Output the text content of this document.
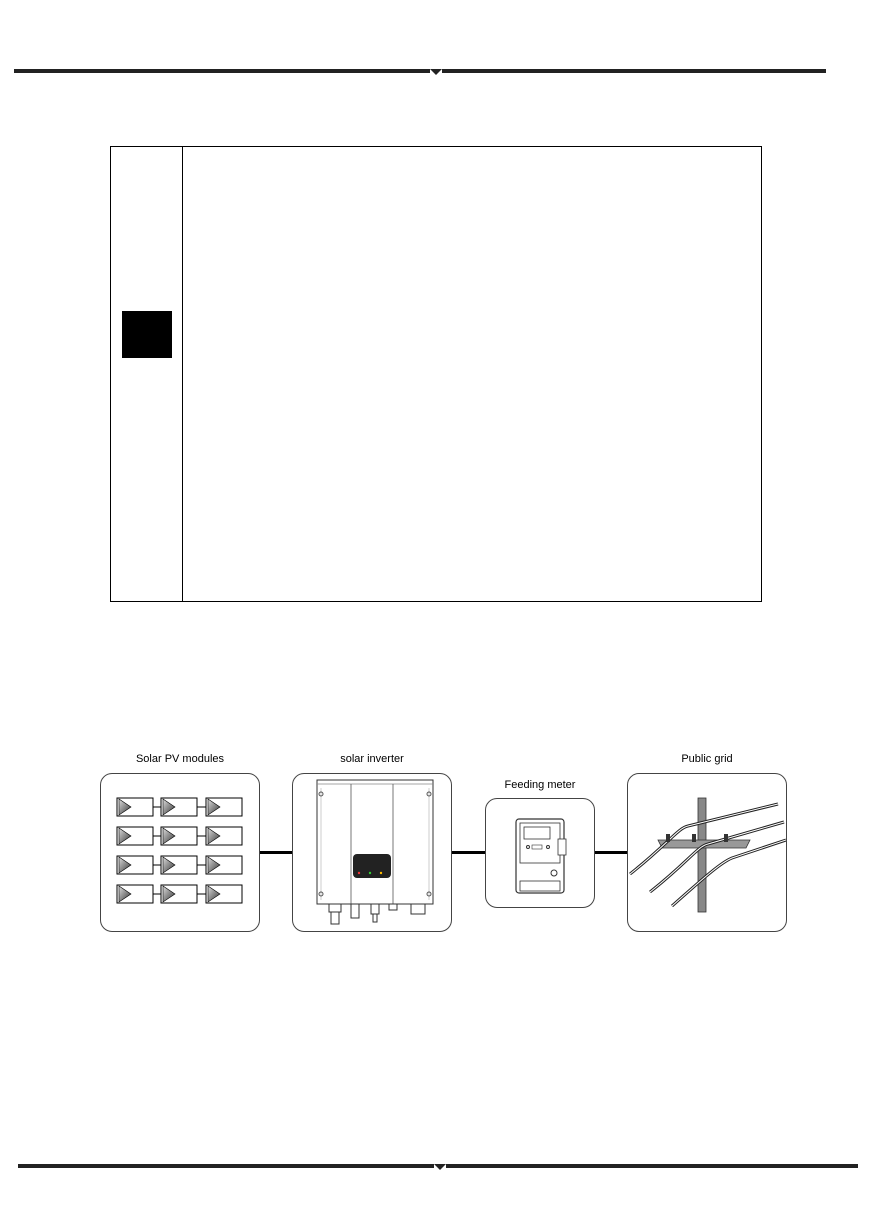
Solar PV modules	solar inverter
Feeding meter
Public grid
